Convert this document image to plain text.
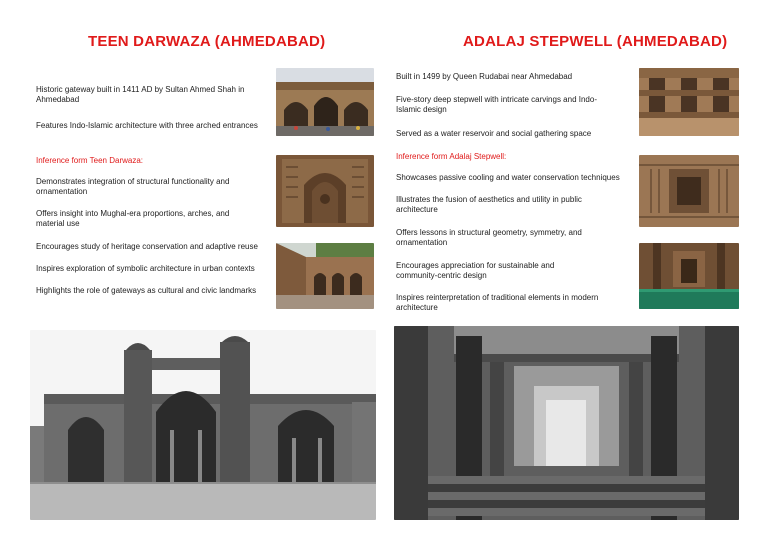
TEEN DARWAZA (AHMEDABAD)

Historic gateway built in 1411 AD by Sultan Ahmed Shah in Ahmedabad

Features Indo-Islamic architecture with three arched entrances

Inference form Teen Darwaza:

Demonstrates integration of structural functionality and ornamentation

Offers insight into Mughal-era proportions, arches, and material use

Encourages study of heritage conservation and adaptive reuse

Inspires exploration of symbolic architecture in urban contexts

Highlights the role of gateways as cultural and civic landmarks

ADALAJ STEPWELL (AHMEDABAD)

Built in 1499 by Queen Rudabai near Ahmedabad

Five-story deep stepwell with intricate carvings and Indo-Islamic design

Served as a water reservoir and social gathering space

Inference form Adalaj Stepwell:

Showcases passive cooling and water conservation techniques

Illustrates the fusion of aesthetics and utility in public architecture

Offers lessons in structural geometry, symmetry, and ornamentation

Encourages appreciation for sustainable and community-centric design

Inspires reinterpretation of traditional elements in modern architecture
